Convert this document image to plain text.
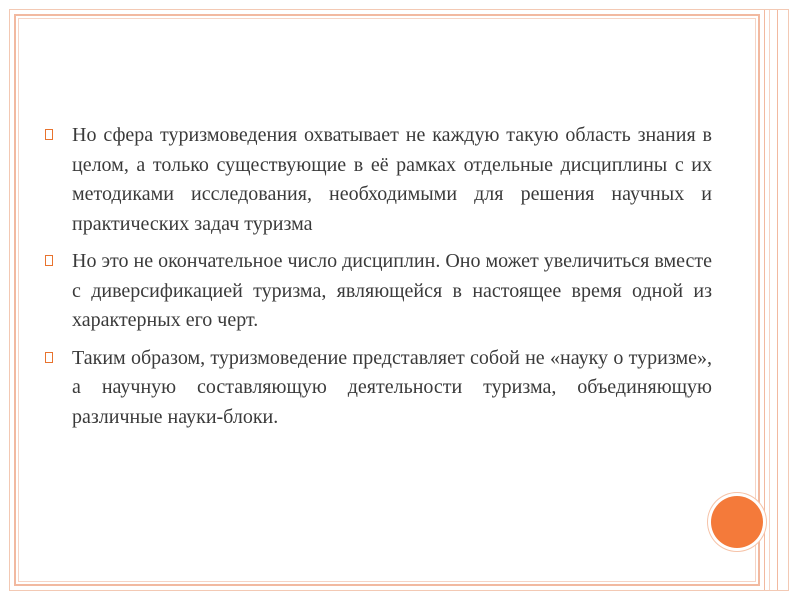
Но сфера туризмоведения охватывает не каждую такую область знания в целом, а только существующие в её рамках отдельные дисциплины с их методиками исследования, необходимыми для решения научных и практических задач туризма

Но это не окончательное число дисциплин. Оно может увеличиться вместе с диверсификацией туризма, являющейся в настоящее время одной из характерных его черт.

Таким образом, туризмоведение представляет собой не «науку о туризме», а научную составляющую деятельности туризма, объединяющую различные науки-блоки.
